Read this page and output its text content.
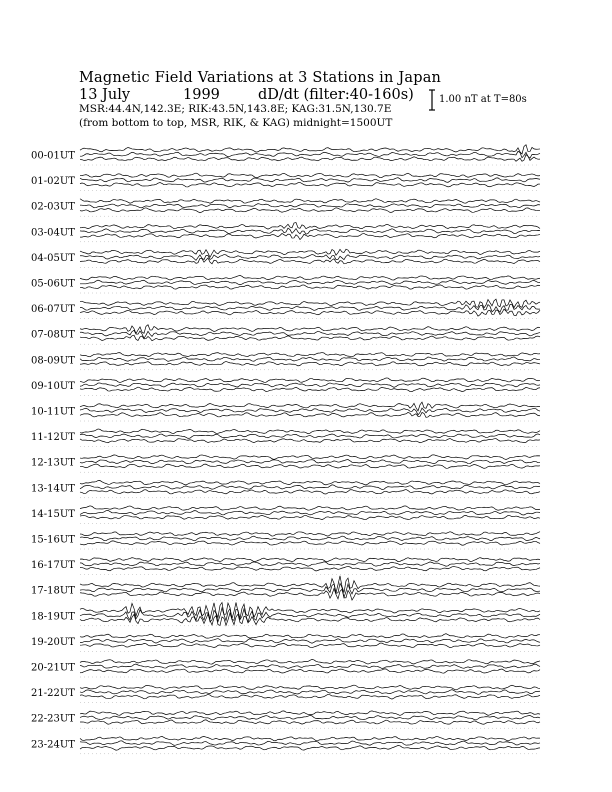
Magnetic Field Variations at 3 Stations in Japan
13 July	1999	dD/dt (filter:40-160s)
MSR:44.4N,142.3E; RIK:43.5N,143.8E; KAG:31.5N,130.7E
(from bottom to top, MSR, RIK, & KAG) midnight=1500UT
1.00 nT at T=80s
00-01UT
01-02UT
02-03UT
03-04UT
04-05UT
05-06UT
06-07UT
07-08UT
08-09UT
09-10UT
10-11UT
11-12UT
12-13UT
13-14UT
14-15UT
15-16UT
16-17UT
17-18UT
18-19UT
19-20UT
20-21UT
21-22UT
22-23UT
23-24UT
